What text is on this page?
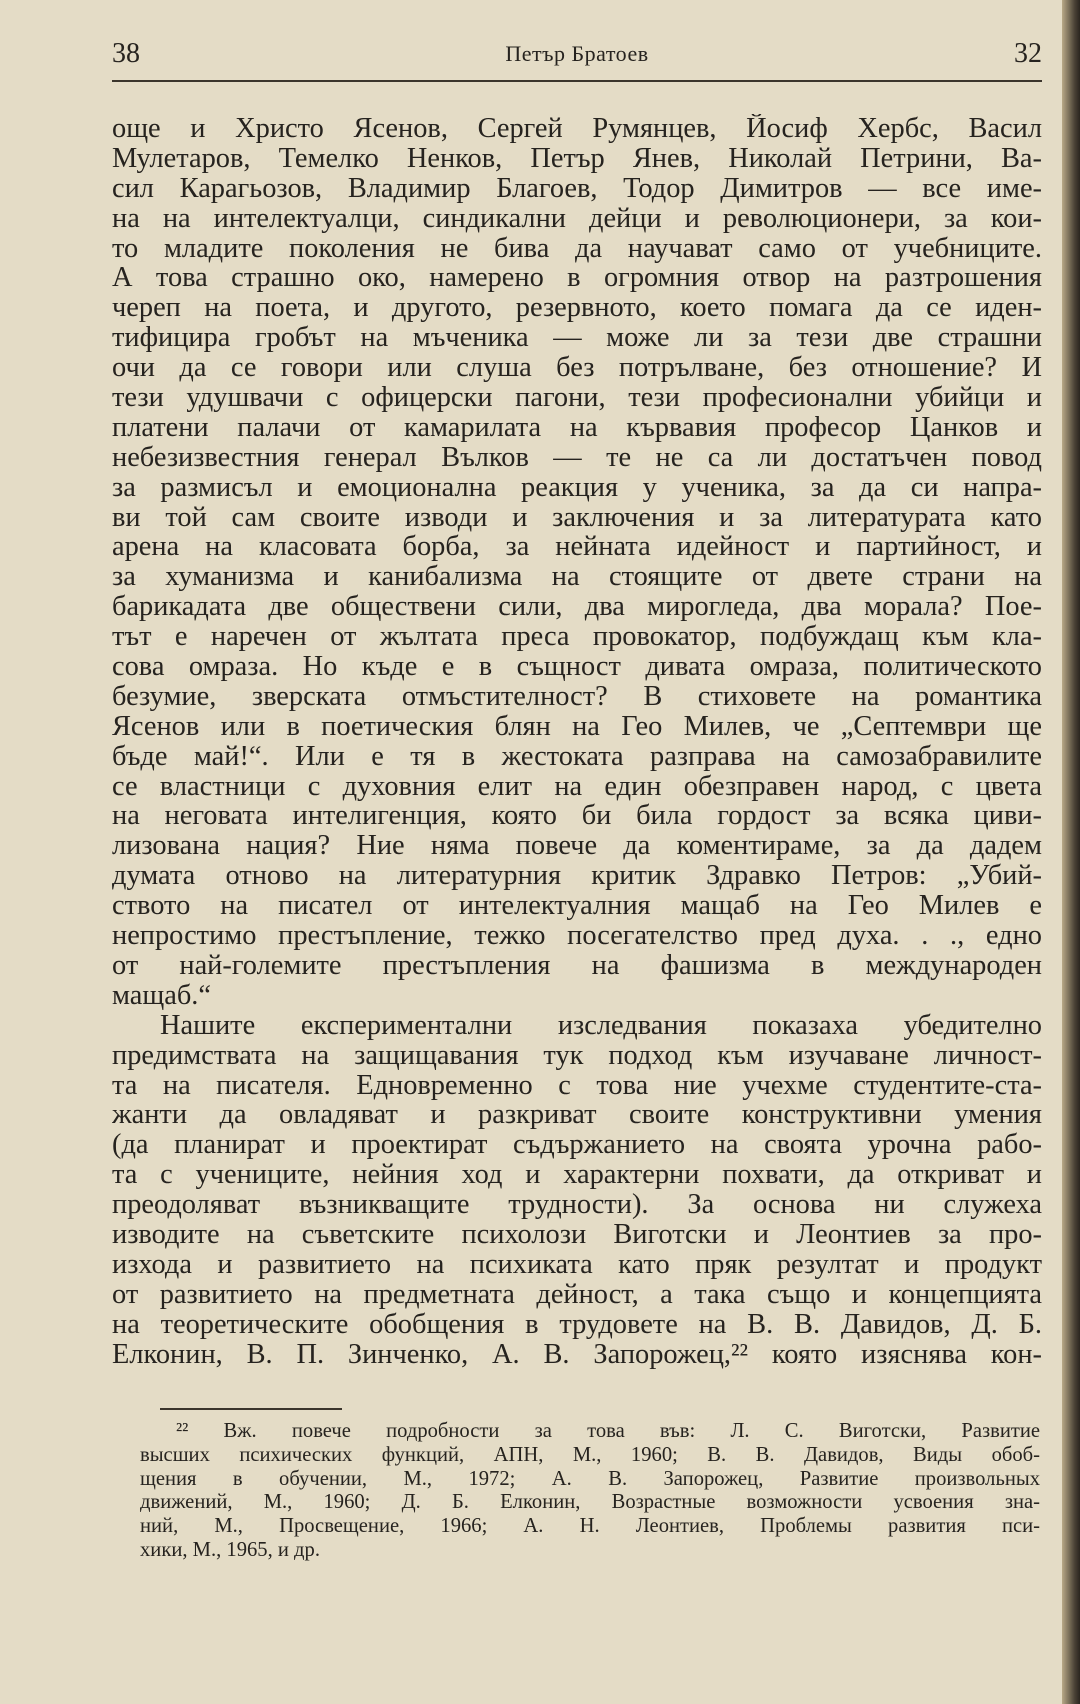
38	Петър Братоев	32
още и Христо Ясенов, Сергей Румянцев, Йосиф Хербс, Васил
Мулетаров, Темелко Ненков, Петър Янев, Николай Петрини, Ва-
сил Карагьозов, Владимир Благоев, Тодор Димитров — все име-
на на интелектуалци, синдикални дейци и революционери, за кои-
то младите поколения не бива да научават само от учебниците.
А това страшно око, намерено в огромния отвор на разтрошения
череп на поета, и другото, резервното, което помага да се иден-
тифицира гробът на мъченика — може ли за тези две страшни
очи да се говори или слуша без потрълване, без отношение? И
тези удушвачи с офицерски пагони, тези професионални убийци и
платени палачи от камарилата на кървавия професор Цанков и
небезизвестния генерал Вълков — те не са ли достатъчен повод
за размисъл и емоционална реакция у ученика, за да си напра-
ви той сам своите изводи и заключения и за литературата като
арена на класовата борба, за нейната идейност и партийност, и
за хуманизма и канибализма на стоящите от двете страни на
барикадата две обществени сили, два мирогледа, два морала? Пое-
тът е наречен от жълтата преса провокатор, подбуждащ към кла-
сова омраза. Но къде е в същност дивата омраза, политическото
безумие, зверската отмъстителност? В стиховете на романтика
Ясенов или в поетическия блян на Гео Милев, че „Септември ще
бъде май!“. Или е тя в жестоката разправа на самозабравилите
се властници с духовния елит на един обезправен народ, с цвета
на неговата интелигенция, която би била гордост за всяка циви-
лизована нация? Ние няма повече да коментираме, за да дадем
думата отново на литературния критик Здравко Петров: „Убий-
ството на писател от интелектуалния мащаб на Гео Милев е
непростимо престъпление, тежко посегателство пред духа. . ., едно
от най-големите престъпления на фашизма в международен
мащаб.“
Нашите експериментални изследвания показаха убедително
предимствата на защищавания тук подход към изучаване личност-
та на писателя. Едновременно с това ние учехме студентите-ста-
жанти да овладяват и разкриват своите конструктивни умения
(да планират и проектират съдържанието на своята урочна рабо-
та с учениците, нейния ход и характерни похвати, да откриват и
преодоляват възникващите трудности). За основа ни служеха
изводите на съветските психолози Виготски и Леонтиев за про-
изхода и развитието на психиката като пряк резултат и продукт
от развитието на предметната дейност, а така също и концепцията
на теоретическите обобщения в трудовете на В. В. Давидов, Д. Б.
Елконин, В. П. Зинченко, А. В. Запорожец,²² която изяснява кон-
²² Вж. повече подробности за това във: Л. С. Виготски, Развитие
высших психических функций, АПН, М., 1960; В. В. Давидов, Виды обоб-
щения в обучении, М., 1972; А. В. Запорожец, Развитие произвольных
движений, М., 1960; Д. Б. Елконин, Возрастные возможности усвоения зна-
ний, М., Просвещение, 1966; А. Н. Леонтиев, Проблемы развития пси-
хики, М., 1965, и др.
